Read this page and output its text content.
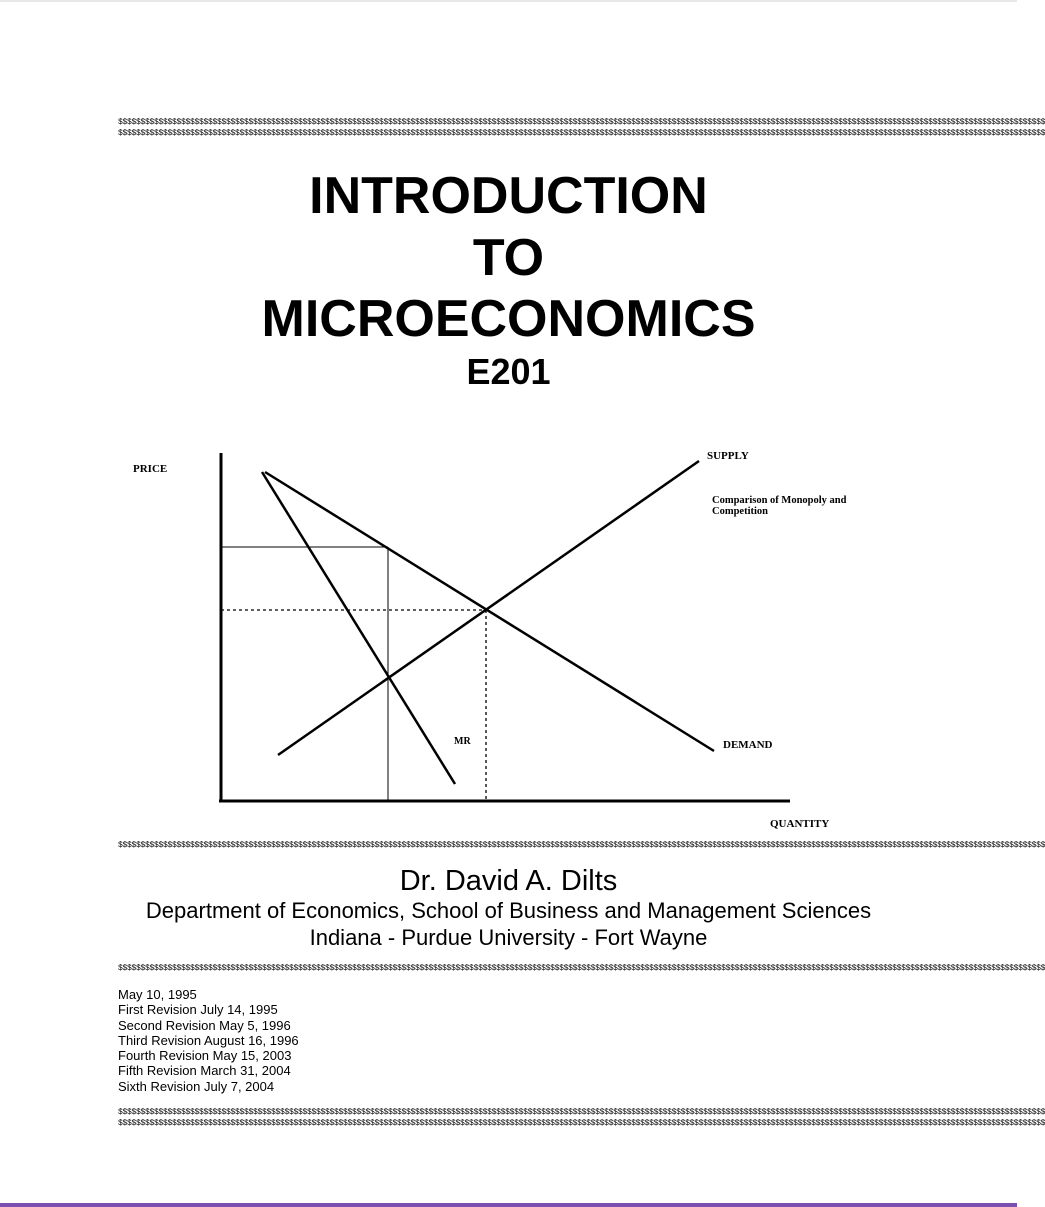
$$$$$$$$$$$$$$$$$$$$$$$$$$$$$$$$$$$$$$$$$$$$$$$$$$$$$$$$$$$$$$$$$$$$$$$$$$$$$$$$$$$$$$$$$$$$$$$$$$$$$$$$$$$$$$$$$$$$$$$$$$$$$$$$$$$$$$$$$$$$$$$$$$$$$$$$$$$$$$$$$$$$$$$$$$$$$$$$$$$$$$$$$$$$$$$$$$$$$$$$$$$$$$
$$$$$$$$$$$$$$$$$$$$$$$$$$$$$$$$$$$$$$$$$$$$$$$$$$$$$$$$$$$$$$$$$$$$$$$$$$$$$$$$$$$$$$$$$$$$$$$$$$$$$$$$$$$$$$$$$$$$$$$$$$$$$$$$$$$$$$$$$$$$$$$$$$$$$$$$$$$$$$$$$$$$$$$$$$$$$$$$$$$$$$$$$$$$$$$$$$$$$$$$$$$$$$
INTRODUCTION
TO
MICROECONOMICS
E201
PRICE
SUPPLY
Comparison of Monopoly and
Competition
MR	DEMAND
QUANTITY
$$$$$$$$$$$$$$$$$$$$$$$$$$$$$$$$$$$$$$$$$$$$$$$$$$$$$$$$$$$$$$$$$$$$$$$$$$$$$$$$$$$$$$$$$$$$$$$$$$$$$$$$$$$$$$$$$$$$$$$$$$$$$$$$$$$$$$$$$$$$$$$$$$$$$$$$$$$$$$$$$$$$$$$$$$$$$$$$$$$$$$$$$$$$$$$$$$$$$$$$$$$$$$
Dr. David A. Dilts
Department of Economics, School of Business and Management Sciences
Indiana - Purdue University - Fort Wayne
$$$$$$$$$$$$$$$$$$$$$$$$$$$$$$$$$$$$$$$$$$$$$$$$$$$$$$$$$$$$$$$$$$$$$$$$$$$$$$$$$$$$$$$$$$$$$$$$$$$$$$$$$$$$$$$$$$$$$$$$$$$$$$$$$$$$$$$$$$$$$$$$$$$$$$$$$$$$$$$$$$$$$$$$$$$$$$$$$$$$$$$$$$$$$$$$$$$$$$$$$$$$$$
May 10, 1995
First Revision July 14, 1995
Second Revision May 5, 1996
Third Revision August 16, 1996
Fourth Revision May 15, 2003
Fifth Revision March 31, 2004
Sixth Revision July 7, 2004
$$$$$$$$$$$$$$$$$$$$$$$$$$$$$$$$$$$$$$$$$$$$$$$$$$$$$$$$$$$$$$$$$$$$$$$$$$$$$$$$$$$$$$$$$$$$$$$$$$$$$$$$$$$$$$$$$$$$$$$$$$$$$$$$$$$$$$$$$$$$$$$$$$$$$$$$$$$$$$$$$$$$$$$$$$$$$$$$$$$$$$$$$$$$$$$$$$$$$$$$$$$$$$
$$$$$$$$$$$$$$$$$$$$$$$$$$$$$$$$$$$$$$$$$$$$$$$$$$$$$$$$$$$$$$$$$$$$$$$$$$$$$$$$$$$$$$$$$$$$$$$$$$$$$$$$$$$$$$$$$$$$$$$$$$$$$$$$$$$$$$$$$$$$$$$$$$$$$$$$$$$$$$$$$$$$$$$$$$$$$$$$$$$$$$$$$$$$$$$$$$$$$$$$$$$$$$
